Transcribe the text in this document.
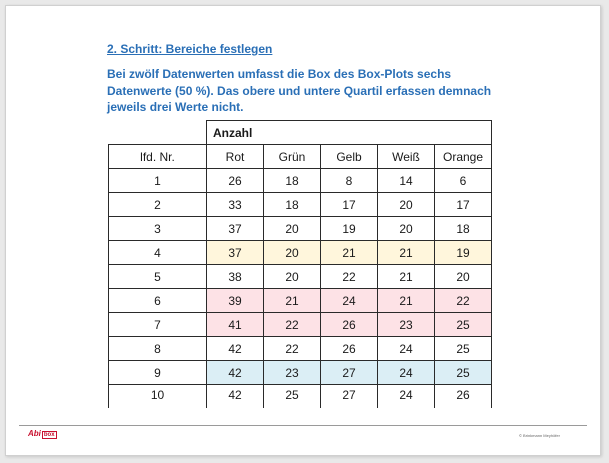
2. Schritt: Bereiche festlegen
Bei zwölf Datenwerten umfasst die Box des Box-Plots sechs Datenwerte (50 %). Das obere und untere Quartil erfassen demnach jeweils drei Werte nicht.
	Anzahl				
lfd. Nr.	Rot	Grün	Gelb	Weiß	Orange
1	26	18	8	14	6
2	33	18	17	20	17
3	37	20	19	20	18
4	37	20	21	21	19
5	38	20	22	21	20
6	39	21	24	21	22
7	41	22	26	23	25
8	42	22	26	24	25
9	42	23	27	24	25
10	42	25	27	24	26
Abi box	© Brinkmann Meyhöfer
